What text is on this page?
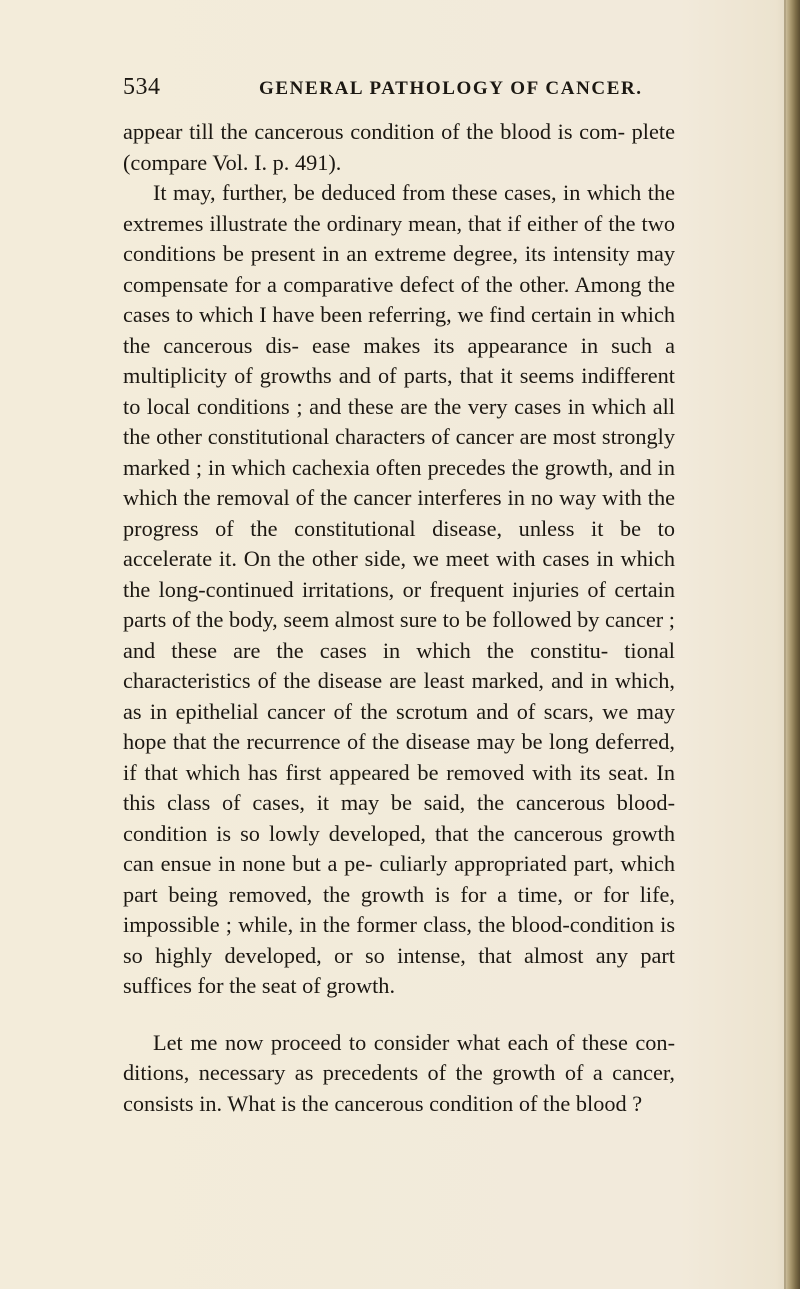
534	GENERAL PATHOLOGY OF CANCER.

appear till the cancerous condition of the blood is com- plete (compare Vol. I. p. 491).

It may, further, be deduced from these cases, in which the extremes illustrate the ordinary mean, that if either of the two conditions be present in an extreme degree, its intensity may compensate for a comparative defect of the other. Among the cases to which I have been referring, we find certain in which the cancerous dis- ease makes its appearance in such a multiplicity of growths and of parts, that it seems indifferent to local conditions ; and these are the very cases in which all the other constitutional characters of cancer are most strongly marked ; in which cachexia often precedes the growth, and in which the removal of the cancer interferes in no way with the progress of the constitutional disease, unless it be to accelerate it. On the other side, we meet with cases in which the long-continued irritations, or frequent injuries of certain parts of the body, seem almost sure to be followed by cancer ; and these are the cases in which the constitu- tional characteristics of the disease are least marked, and in which, as in epithelial cancer of the scrotum and of scars, we may hope that the recurrence of the disease may be long deferred, if that which has first appeared be removed with its seat. In this class of cases, it may be said, the cancerous blood-condition is so lowly developed, that the cancerous growth can ensue in none but a pe- culiarly appropriated part, which part being removed, the growth is for a time, or for life, impossible ; while, in the former class, the blood-condition is so highly developed, or so intense, that almost any part suffices for the seat of growth.

Let me now proceed to consider what each of these con- ditions, necessary as precedents of the growth of a cancer, consists in. What is the cancerous condition of the blood ?
